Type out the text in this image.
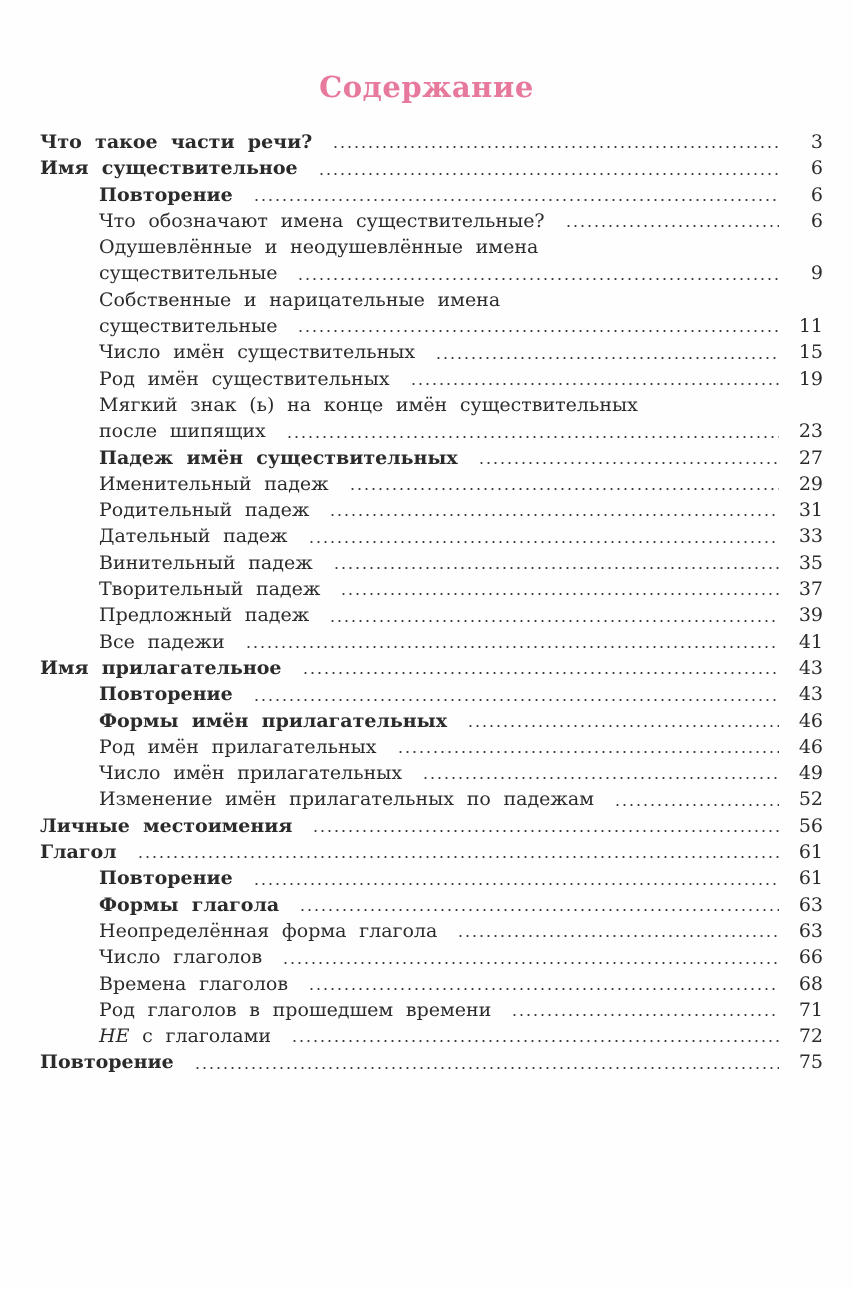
Содержание
Что такое части речи?	3
Имя существительное	6
Повторение	6
Что обозначают имена существительные?	6
Одушевлённые и неодушевлённые имена
существительные	9
Собственные и нарицательные имена
существительные	11
Число имён существительных	15
Род имён существительных	19
Мягкий знак (ь) на конце имён существительных
после шипящих	23
Падеж имён существительных	27
Именительный падеж	29
Родительный падеж	31
Дательный падеж	33
Винительный падеж	35
Творительный падеж	37
Предложный падеж	39
Все падежи	41
Имя прилагательное	43
Повторение	43
Формы имён прилагательных	46
Род имён прилагательных	46
Число имён прилагательных	49
Изменение имён прилагательных по падежам	52
Личные местоимения	56
Глагол	61
Повторение	61
Формы глагола	63
Неопределённая форма глагола	63
Число глаголов	66
Времена глаголов	68
Род глаголов в прошедшем времени	71
НЕ с глаголами	72
Повторение	75
